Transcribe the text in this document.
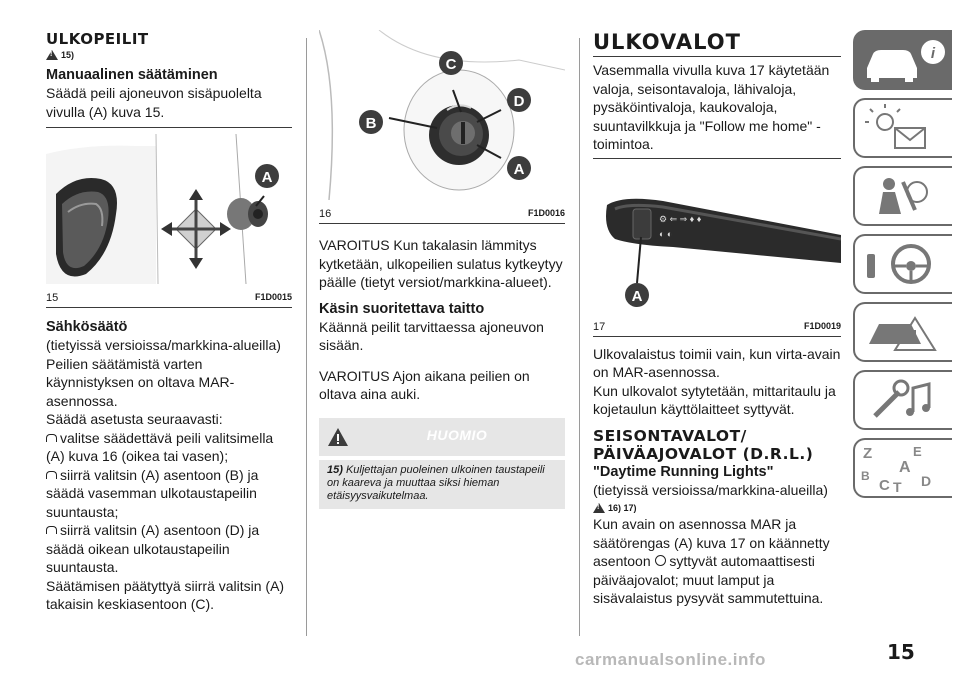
ULKOPEILIT
!
15)
Manuaalinen säätäminen

Säädä peili ajoneuvon sisäpuolelta vivulla (A) kuva 15.

A
15	F1D0015
Sähkösäätö

(tietyissä versioissa/markkina-alueilla)

Peilien säätämistä varten käynnistyksen on oltava MAR-asennossa.

Säädä asetusta seuraavasti:

valitse säädettävä peili valitsimella (A) kuva 16 (oikea tai vasen);

siirrä valitsin (A) asentoon (B) ja säädä vasemman ulkotaustapeilin suuntausta;

siirrä valitsin (A) asentoon (D) ja säädä oikean ulkotaustapeilin suuntausta.

Säätämisen päätyttyä siirrä valitsin (A) takaisin keskiasentoon (C).

C
D
B
A
16	F1D0016

VAROITUS Kun takalasin lämmitys kytketään, ulkopeilien sulatus kytkeytyy päälle (tietyt versiot/markkina-alueet).

Käsin suoritettava taitto

Käännä peilit tarvittaessa ajoneuvon sisään.

VAROITUS Ajon aikana peilien on oltava aina auki.

HUOMIO

15) Kuljettajan puoleinen ulkoinen taustapeili on kaareva ja muuttaa siksi hieman etäisyysvaikutelmaa.

ULKOVALOT

Vasemmalla vivulla kuva 17 käytetään valoja, seisontavaloja, lähivaloja, pysäköintivaloja, kaukovaloja, suuntavilkkuja ja "Follow me home" -toimintoa.

⚙ ⇐ ⇒ ♦ ♦
◐ ◐
A
17	F1D0019

Ulkovalaistus toimii vain, kun virta-avain on MAR-asennossa.

Kun ulkovalot sytytetään, mittaritaulu ja kojetaulun käyttölaitteet syttyvät.

SEISONTAVALOT/
PÄIVÄAJOVALOT (D.R.L.)
"Daytime Running Lights"

(tietyissä versioissa/markkina-alueilla)

!
16) 17)

Kun avain on asennossa MAR ja säätörengas (A) kuva 17 on käännetty asentoon syttyvät automaattisesti päiväajovalot; muut lamput ja sisävalaistus pysyvät sammutettuina.

i
Z	E
A
B
C T D
carmanualsonline.info	15
